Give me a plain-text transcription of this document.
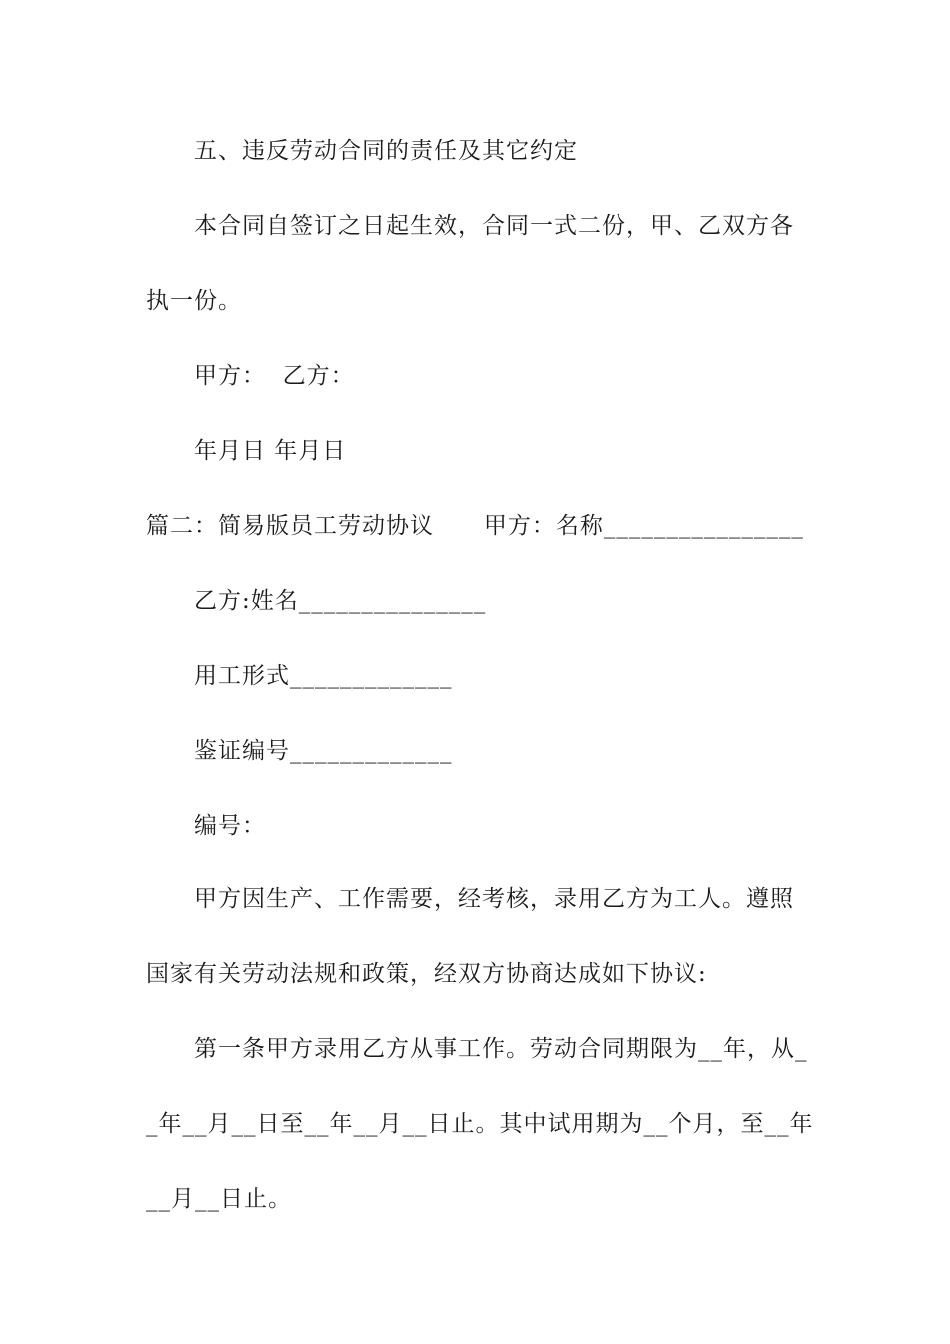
五、违反劳动合同的责任及其它约定
本合同自签订之日起生效，合同一式二份，甲、乙双方各
执一份。
甲方：  乙方：
年月日 年月日
篇二：简易版员工劳动协议      甲方：名称________________
乙方:姓名_______________
用工形式_____________
鉴证编号_____________
编号：
甲方因生产、工作需要，经考核，录用乙方为工人。遵照
国家有关劳动法规和政策，经双方协商达成如下协议:
第一条甲方录用乙方从事工作。劳动合同期限为__年，从_
_年__月__日至__年__月__日止。其中试用期为__个月，至__年
__月__日止。
